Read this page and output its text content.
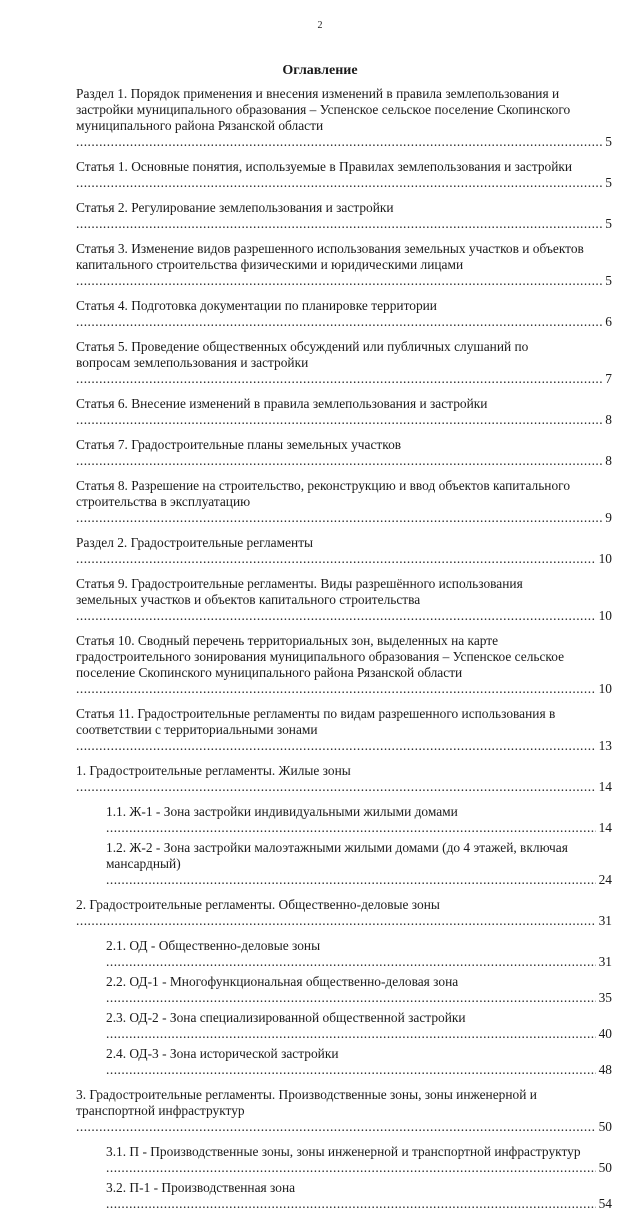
2
Оглавление
Раздел 1. Порядок применения и внесения изменений в правила землепользования и застройки муниципального образования – Успенское сельское поселение Скопинского муниципального района Рязанской области .....
5
Статья 1. Основные понятия, используемые в Правилах землепользования и застройки .....
5
Статья 2. Регулирование землепользования и застройки .....
5
Статья 3. Изменение видов разрешенного использования земельных участков и объектов капитального строительства физическими и юридическими лицами .....
5
Статья 4. Подготовка документации по планировке территории .....
6
Статья 5. Проведение общественных обсуждений или публичных слушаний по вопросам землепользования и застройки .....
7
Статья 6. Внесение изменений в правила землепользования и застройки .....
8
Статья 7. Градостроительные планы земельных участков .....
8
Статья 8. Разрешение на строительство, реконструкцию и ввод объектов капитального строительства в эксплуатацию .....
9
Раздел 2. Градостроительные регламенты .....
10
Статья 9. Градостроительные регламенты. Виды разрешённого использования земельных участков и объектов капитального строительства .....
10
Статья 10. Сводный перечень территориальных зон, выделенных на карте градостроительного зонирования муниципального образования – Успенское сельское поселение Скопинского муниципального района Рязанской области .....
10
Статья 11. Градостроительные регламенты по видам разрешенного использования в соответствии с территориальными зонами .....
13
1. Градостроительные регламенты. Жилые зоны .....
14
1.1. Ж-1 - Зона застройки индивидуальными жилыми домами .....
14
1.2. Ж-2 - Зона застройки малоэтажными жилыми домами (до 4 этажей, включая мансардный) .....
24
2. Градостроительные регламенты. Общественно-деловые зоны .....
31
2.1. ОД - Общественно-деловые зоны .....
31
2.2. ОД-1 - Многофункциональная общественно-деловая зона .....
35
2.3. ОД-2 - Зона специализированной общественной застройки .....
40
2.4. ОД-3 - Зона исторической застройки .....
48
3. Градостроительные регламенты. Производственные зоны, зоны инженерной и транспортной инфраструктур .....
50
3.1. П - Производственные зоны, зоны инженерной и транспортной инфраструктур .....
50
3.2. П-1 - Производственная зона .....
54
